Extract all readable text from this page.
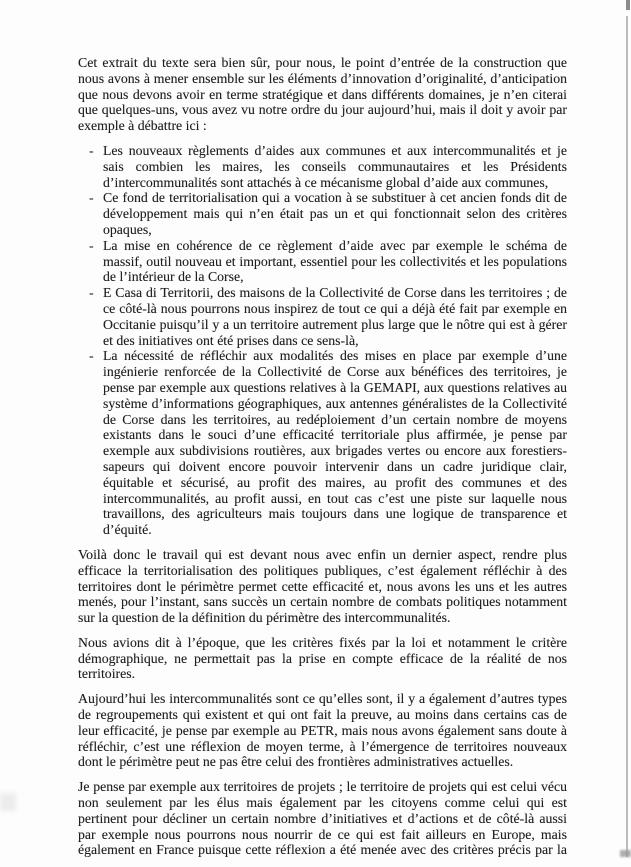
Cet extrait du texte sera bien sûr, pour nous, le point d’entrée de la construction que nous avons à mener ensemble sur les éléments d’innovation d’originalité, d’anticipation que nous devons avoir en terme stratégique et dans différents domaines, je n’en citerai que quelques-uns, vous avez vu notre ordre du jour aujourd’hui, mais il doit y avoir par exemple à débattre ici :

- Les nouveaux règlements d’aides aux communes et aux intercommunalités et je sais combien les maires, les conseils communautaires et les Présidents d’intercommunalités sont attachés à ce mécanisme global d’aide aux communes,
- Ce fond de territorialisation qui a vocation à se substituer à cet ancien fonds dit de développement mais qui n’en était pas un et qui fonctionnait selon des critères opaques,
- La mise en cohérence de ce règlement d’aide avec par exemple le schéma de massif, outil nouveau et important, essentiel pour les collectivités et les populations de l’intérieur de la Corse,
- E Casa di Territorii, des maisons de la Collectivité de Corse dans les territoires ; de ce côté-là nous pourrons nous inspirez de tout ce qui a déjà été fait par exemple en Occitanie puisqu’il y a un territoire autrement plus large que le nôtre qui est à gérer et des initiatives ont été prises dans ce sens-là,
- La nécessité de réfléchir aux modalités des mises en place par exemple d’une ingénierie renforcée de la Collectivité de Corse aux bénéfices des territoires, je pense par exemple aux questions relatives à la GEMAPI, aux questions relatives au système d’informations géographiques, aux antennes généralistes de la Collectivité de Corse dans les territoires, au redéploiement d’un certain nombre de moyens existants dans le souci d’une efficacité territoriale plus affirmée, je pense par exemple aux subdivisions routières, aux brigades vertes ou encore aux forestiers-sapeurs qui doivent encore pouvoir intervenir dans un cadre juridique clair, équitable et sécurisé, au profit des maires, au profit des communes et des intercommunalités, au profit aussi, en tout cas c’est une piste sur laquelle nous travaillons, des agriculteurs mais toujours dans une logique de transparence et d’équité.

Voilà donc le travail qui est devant nous avec enfin un dernier aspect, rendre plus efficace la territorialisation des politiques publiques, c’est également réfléchir à des territoires dont le périmètre permet cette efficacité et, nous avons les uns et les autres menés, pour l’instant, sans succès un certain nombre de combats politiques notamment sur la question de la définition du périmètre des intercommunalités.

Nous avions dit à l’époque, que les critères fixés par la loi et notamment le critère démographique, ne permettait pas la prise en compte efficace de la réalité de nos territoires.

Aujourd’hui les intercommunalités sont ce qu’elles sont, il y a également d’autres types de regroupements qui existent et qui ont fait la preuve, au moins dans certains cas de leur efficacité, je pense par exemple au PETR, mais nous avons également sans doute à réfléchir, c’est une réflexion de moyen terme, à l’émergence de territoires nouveaux dont le périmètre peut ne pas être celui des frontières administratives actuelles.

Je pense par exemple aux territoires de projets ; le territoire de projets qui est celui vécu non seulement par les élus mais également par les citoyens comme celui qui est pertinent pour décliner un certain nombre d’initiatives et d’actions et de côté-là aussi par exemple nous pourrons nous nourrir de ce qui est fait ailleurs en Europe, mais également en France puisque cette réflexion a été menée avec des critères précis par la
